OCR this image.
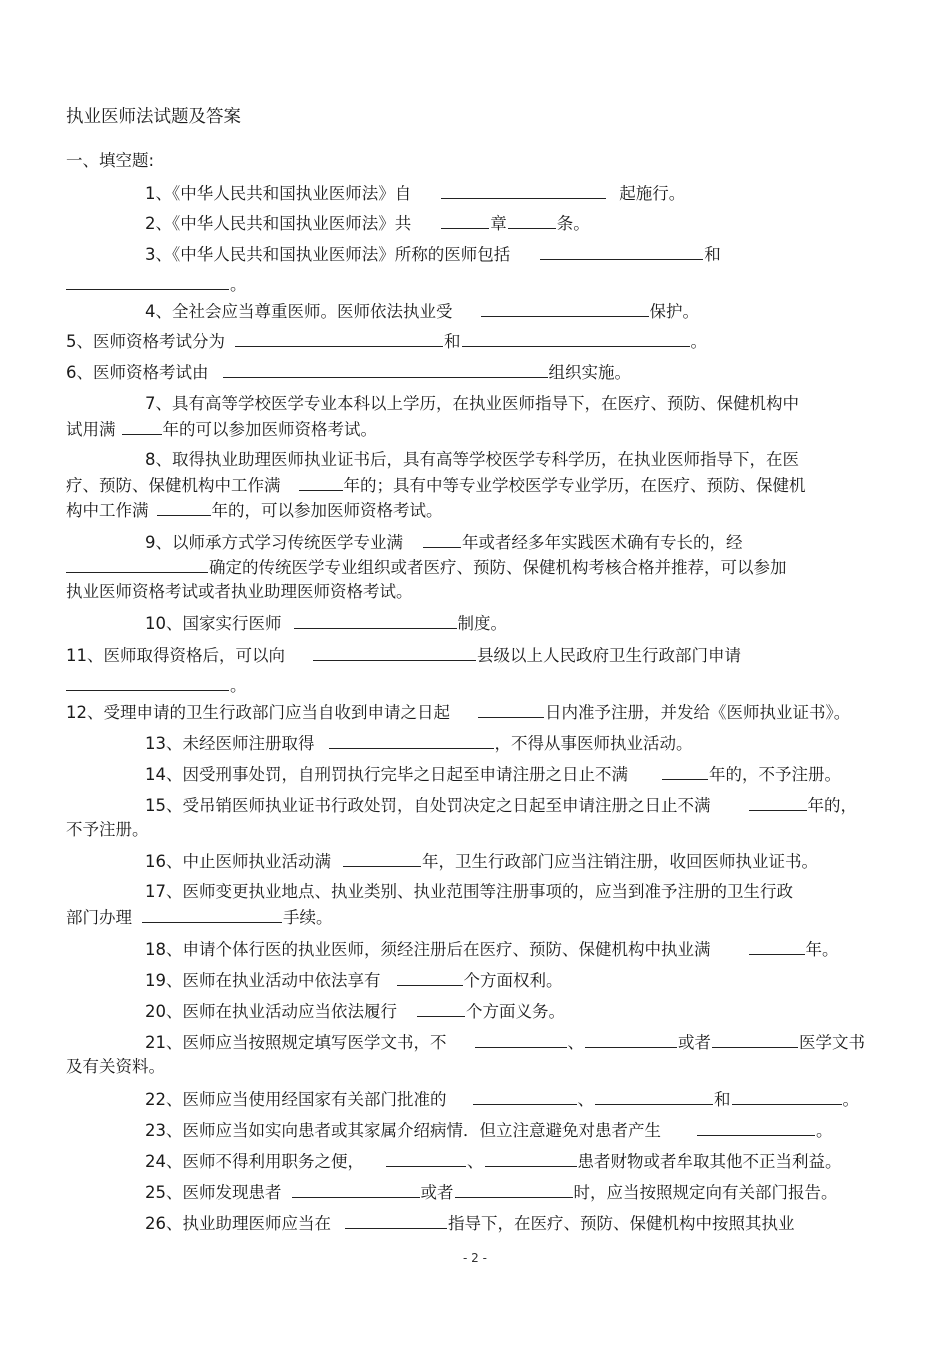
执业医师法试题及答案
一、填空题:
1、《中华人民共和国执业医师法》自	起施行。
2、《中华人民共和国执业医师法》共	章	条。
3、《中华人民共和国执业医师法》所称的医师包括	和
。
4、全社会应当尊重医师。医师依法执业受	保护。
5、医师资格考试分为	和	。
6、医师资格考试由	组织实施。
7、具有高等学校医学专业本科以上学历，在执业医师指导下，在医疗、预防、保健机构中
试用满	年的可以参加医师资格考试。
8、取得执业助理医师执业证书后，具有高等学校医学专科学历，在执业医师指导下，在医
疗、预防、保健机构中工作满	年的；具有中等专业学校医学专业学历，在医疗、预防、保健机
构中工作满	年的，可以参加医师资格考试。
9、以师承方式学习传统医学专业满	年或者经多年实践医术确有专长的，经
确定的传统医学专业组织或者医疗、预防、保健机构考核合格并推荐，可以参加
执业医师资格考试或者执业助理医师资格考试。
10、国家实行医师	制度。
11、医师取得资格后，可以向	县级以上人民政府卫生行政部门申请
。
12、受理申请的卫生行政部门应当自收到申请之日起	日内准予注册，并发给《医师执业证书》。
13、未经医师注册取得	，不得从事医师执业活动。
14、因受刑事处罚，自刑罚执行完毕之日起至申请注册之日止不满	年的，不予注册。
15、受吊销医师执业证书行政处罚，自处罚决定之日起至申请注册之日止不满	年的，
不予注册。
16、中止医师执业活动满	年，卫生行政部门应当注销注册，收回医师执业证书。
17、医师变更执业地点、执业类别、执业范围等注册事项的，应当到准予注册的卫生行政
部门办理	手续。
18、申请个体行医的执业医师，须经注册后在医疗、预防、保健机构中执业满	年。
19、医师在执业活动中依法享有	个方面权利。
20、医师在执业活动应当依法履行	个方面义务。
21、医师应当按照规定填写医学文书，不	、	或者	医学文书
及有关资料。
22、医师应当使用经国家有关部门批准的	、	和	。
23、医师应当如实向患者或其家属介绍病情．但立注意避免对患者产生	。
24、医师不得利用职务之便，	、	患者财物或者牟取其他不正当利益。
25、医师发现患者	或者	时，应当按照规定向有关部门报告。
26、执业助理医师应当在	指导下，在医疗、预防、保健机构中按照其执业
- 2 -
